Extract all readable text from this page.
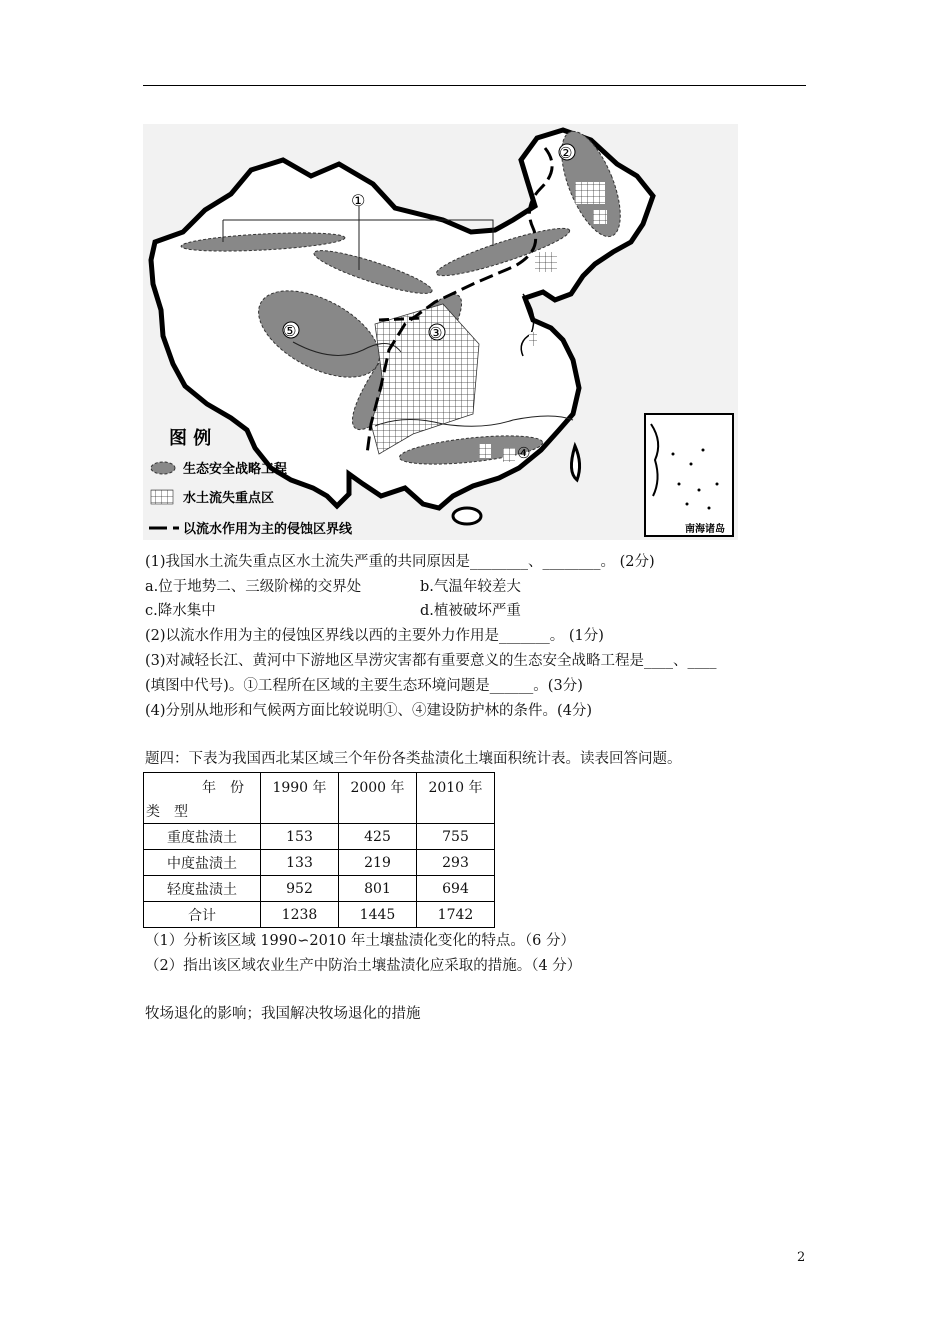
①
②
③
④
⑤
南海诸岛
图 例
生态安全战略工程
水土流失重点区
以流水作用为主的侵蚀区界线
(1)我国水土流失重点区水土流失严重的共同原因是________、________。 (2分)
a.位于地势二、三级阶梯的交界处	b.气温年较差大
c.降水集中	d.植被破坏严重
(2)以流水作用为主的侵蚀区界线以西的主要外力作用是_______。 (1分)
(3)对减轻长江、黄河中下游地区旱涝灾害都有重要意义的生态安全战略工程是____、____
(填图中代号)。①工程所在区域的主要生态环境问题是______。(3分)
(4)分别从地形和气候两方面比较说明①、④建设防护林的条件。(4分)
题四：下表为我国西北某区域三个年份各类盐渍化土壤面积统计表。读表回答问题。
年　份
类　型	1990 年	2000 年	2010 年
重度盐渍土	153	425	755
中度盐渍土	133	219	293
轻度盐渍土	952	801	694
合计	1238	1445	1742
（1）分析该区域 1990∽2010 年土壤盐渍化变化的特点。（6 分）
（2）指出该区域农业生产中防治土壤盐渍化应采取的措施。（4 分）
牧场退化的影响；我国解决牧场退化的措施
2
